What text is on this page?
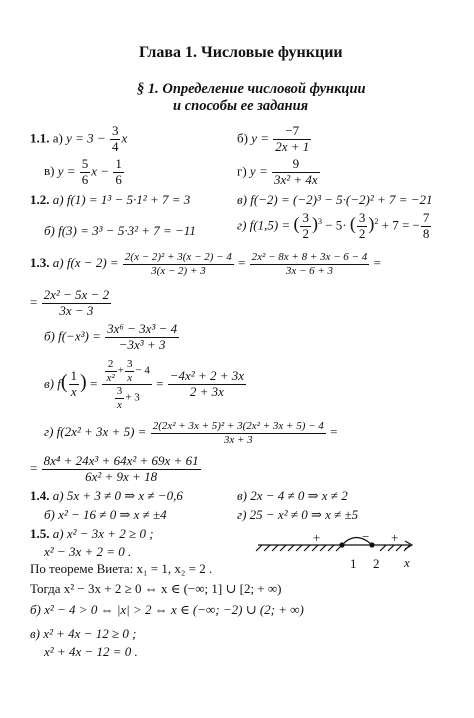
Глава 1. Числовые функции
§ 1. Определение числовой функции
и способы ее задания
1.1. а) $y = 3 - \frac{3}{4}$ x	б) $y = \frac{-7}{2x + 1}$
в) $y = \frac{5}{6}$ $x - \frac{1}{6}$	г) $y = \frac{9}{\text{3x² + 4x}}$
1.2. а) f(1) = 1³ − 5·1² + 7 = 3	в) f(−2) = (−2)³ − 5·(−2)² + 7 = −21
б) f(3) = 3³ − 5·3² + 7 = −11	г) f(1,5) = ( $\frac{3}{2} )^3 - 5\cdot$ ( $\frac{3}{2} )^2 + 7$ = − $\frac{7}{8}$
1.3. а) $f(x - 2) = \frac{\text{2(x − 2)² + 3(x − 2) − 4}}{3(x - 2) + 3} = \frac{\text{2x² − 8x + 8 + 3x − 6 − 4}}{3x - 6 + 3}$ =
= $\frac{\text{2x² − 5x − 2}}{3x - 3}$
б) $f(-x^3) = \frac{\text{3x⁶ − 3x³ − 4}}{\text{−3x³ + 3}}$
в) $f( \frac{1}{x}$ ) = $\frac{\frac{2}{\text{x²}} + \frac{3}{x} - 4}{\frac{3}{x} + 3} = \frac{\text{−4x² + 2 + 3x}}{2 + 3x}$
г) $f(2x^2 + 3x + 5) = \frac{\text{2(2x² + 3x + 5)² + 3(2x² + 3x + 5) − 4}}{3x + 3}$ =
= $\frac{\text{8x⁴ + 24x³ + 64x² + 69x + 61}}{\text{6x² + 9x + 18}}$
1.4. а) 5x + 3 ≠ 0 ⇒ x ≠ −0,6	в) 2x − 4 ≠ 0 ⇒ x ≠ 2
б) x² − 16 ≠ 0 ⇒ x ≠ ±4	г) 25 − x² ≠ 0 ⇒ x ≠ ±5
1.5. а) x² − 3x + 2 ≥ 0 ;
x² − 3x + 2 = 0 .
По теореме Виета: x₁ = 1, x₂ = 2 .
Тогда x² − 3x + 2 ≥ 0 ⇔ x ∈ (−∞; 1] ∪ [2; + ∞)
б) x² − 4 > 0 ⇔ |x| > 2 ⇔ x ∈ (−∞; −2) ∪ (2; + ∞)
в) x² + 4x − 12 ≥ 0 ;
x² + 4x − 12 = 0 .
+	− +
1 2 x
